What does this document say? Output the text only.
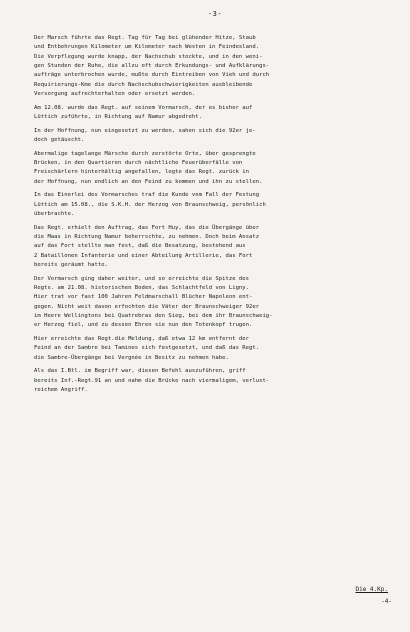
-3-
Der Marsch führte das Regt. Tag für Tag bei glühender Hitze, Staub
und Entbehrungen Kilometer um Kilometer nach Westen in Feindesland.
Die Verpflegung wurde knapp, der Nachschub stockte, und in den weni-
gen Stunden der Ruhe, die allzu oft durch Erkundungs- und Aufklärungs-
aufträge unterbrochen wurde, mußte durch Eintreiben von Vieh und durch
Requirierungs-Kme die durch Nachschubschwierigkeiten ausbleibende
Versorgung aufrechterhalten oder ersetzt werden.
Am 12.08. wurde das Regt. auf seinem Vormarsch, der es bisher auf
Lüttich zuführte, in Richtung auf Namur abgedreht.
In der Hoffnung, nun eingesetzt zu werden, sahen sich die 92er je-
doch getäuscht.
Abermalige tagelange Märsche durch zerstörte Orte, über gesprengte
Brücken, in den Quartieren durch nächtliche Feuerüberfälle von
Freischärlern hinterhältig angefallen, legte das Regt. zurück in
der Hoffnung, nun endlich an den Feind zu kommen und ihn zu stellen.
In das Einerlei des Vormarsches traf die Kunde vom Fall der Festung
Lüttich am 15.08., die S.K.H. der Herzog von Braunschweig, persönlich
überbrachte.
Das Regt. erhielt den Auftrag, das Fort Huy, das die Übergänge über
die Maas in Richtung Namur beherrschte, zu nehmen. Doch beim Ansatz
auf das Fort stellte man fest, daß die Besatzung, bestehend aus
2 Bataillonen Infanterie und einer Abteilung Artillerie, das Fort
bereits geräumt hatte.
Der Vormarsch ging daher weiter, und so erreichte die Spitze des
Regts. am 21.08. historischen Boden, das Schlachtfeld von Ligny.
Hier trat vor fast 100 Jahren Feldmarschall Blücher Napoleon ent-
gegen. Nicht weit davon erfochten die Väter der Braunschweiger 92er
im Heere Wellingtons bei Quatrebras den Sieg, bei dem ihr Braunschweig-
er Herzog fiel, und zu dessen Ehren sie nun den Totenkopf trugen.
Hier erreichte das Regt.die Meldung, daß etwa 12 km entfernt der
Feind an der Sambre bei Tamines sich festgesetzt, und daß das Regt.
die Sambre-Übergänge bei Vergnée in Besitz zu nehmen habe.
Als das I.Btl. im Begriff war, diesen Befehl auszuführen, griff
bereits Inf.-Regt.91 an und nahm die Brücke nach viermaligem, verlust-
reichem Angriff.
Die 4.Kp.
-4-
